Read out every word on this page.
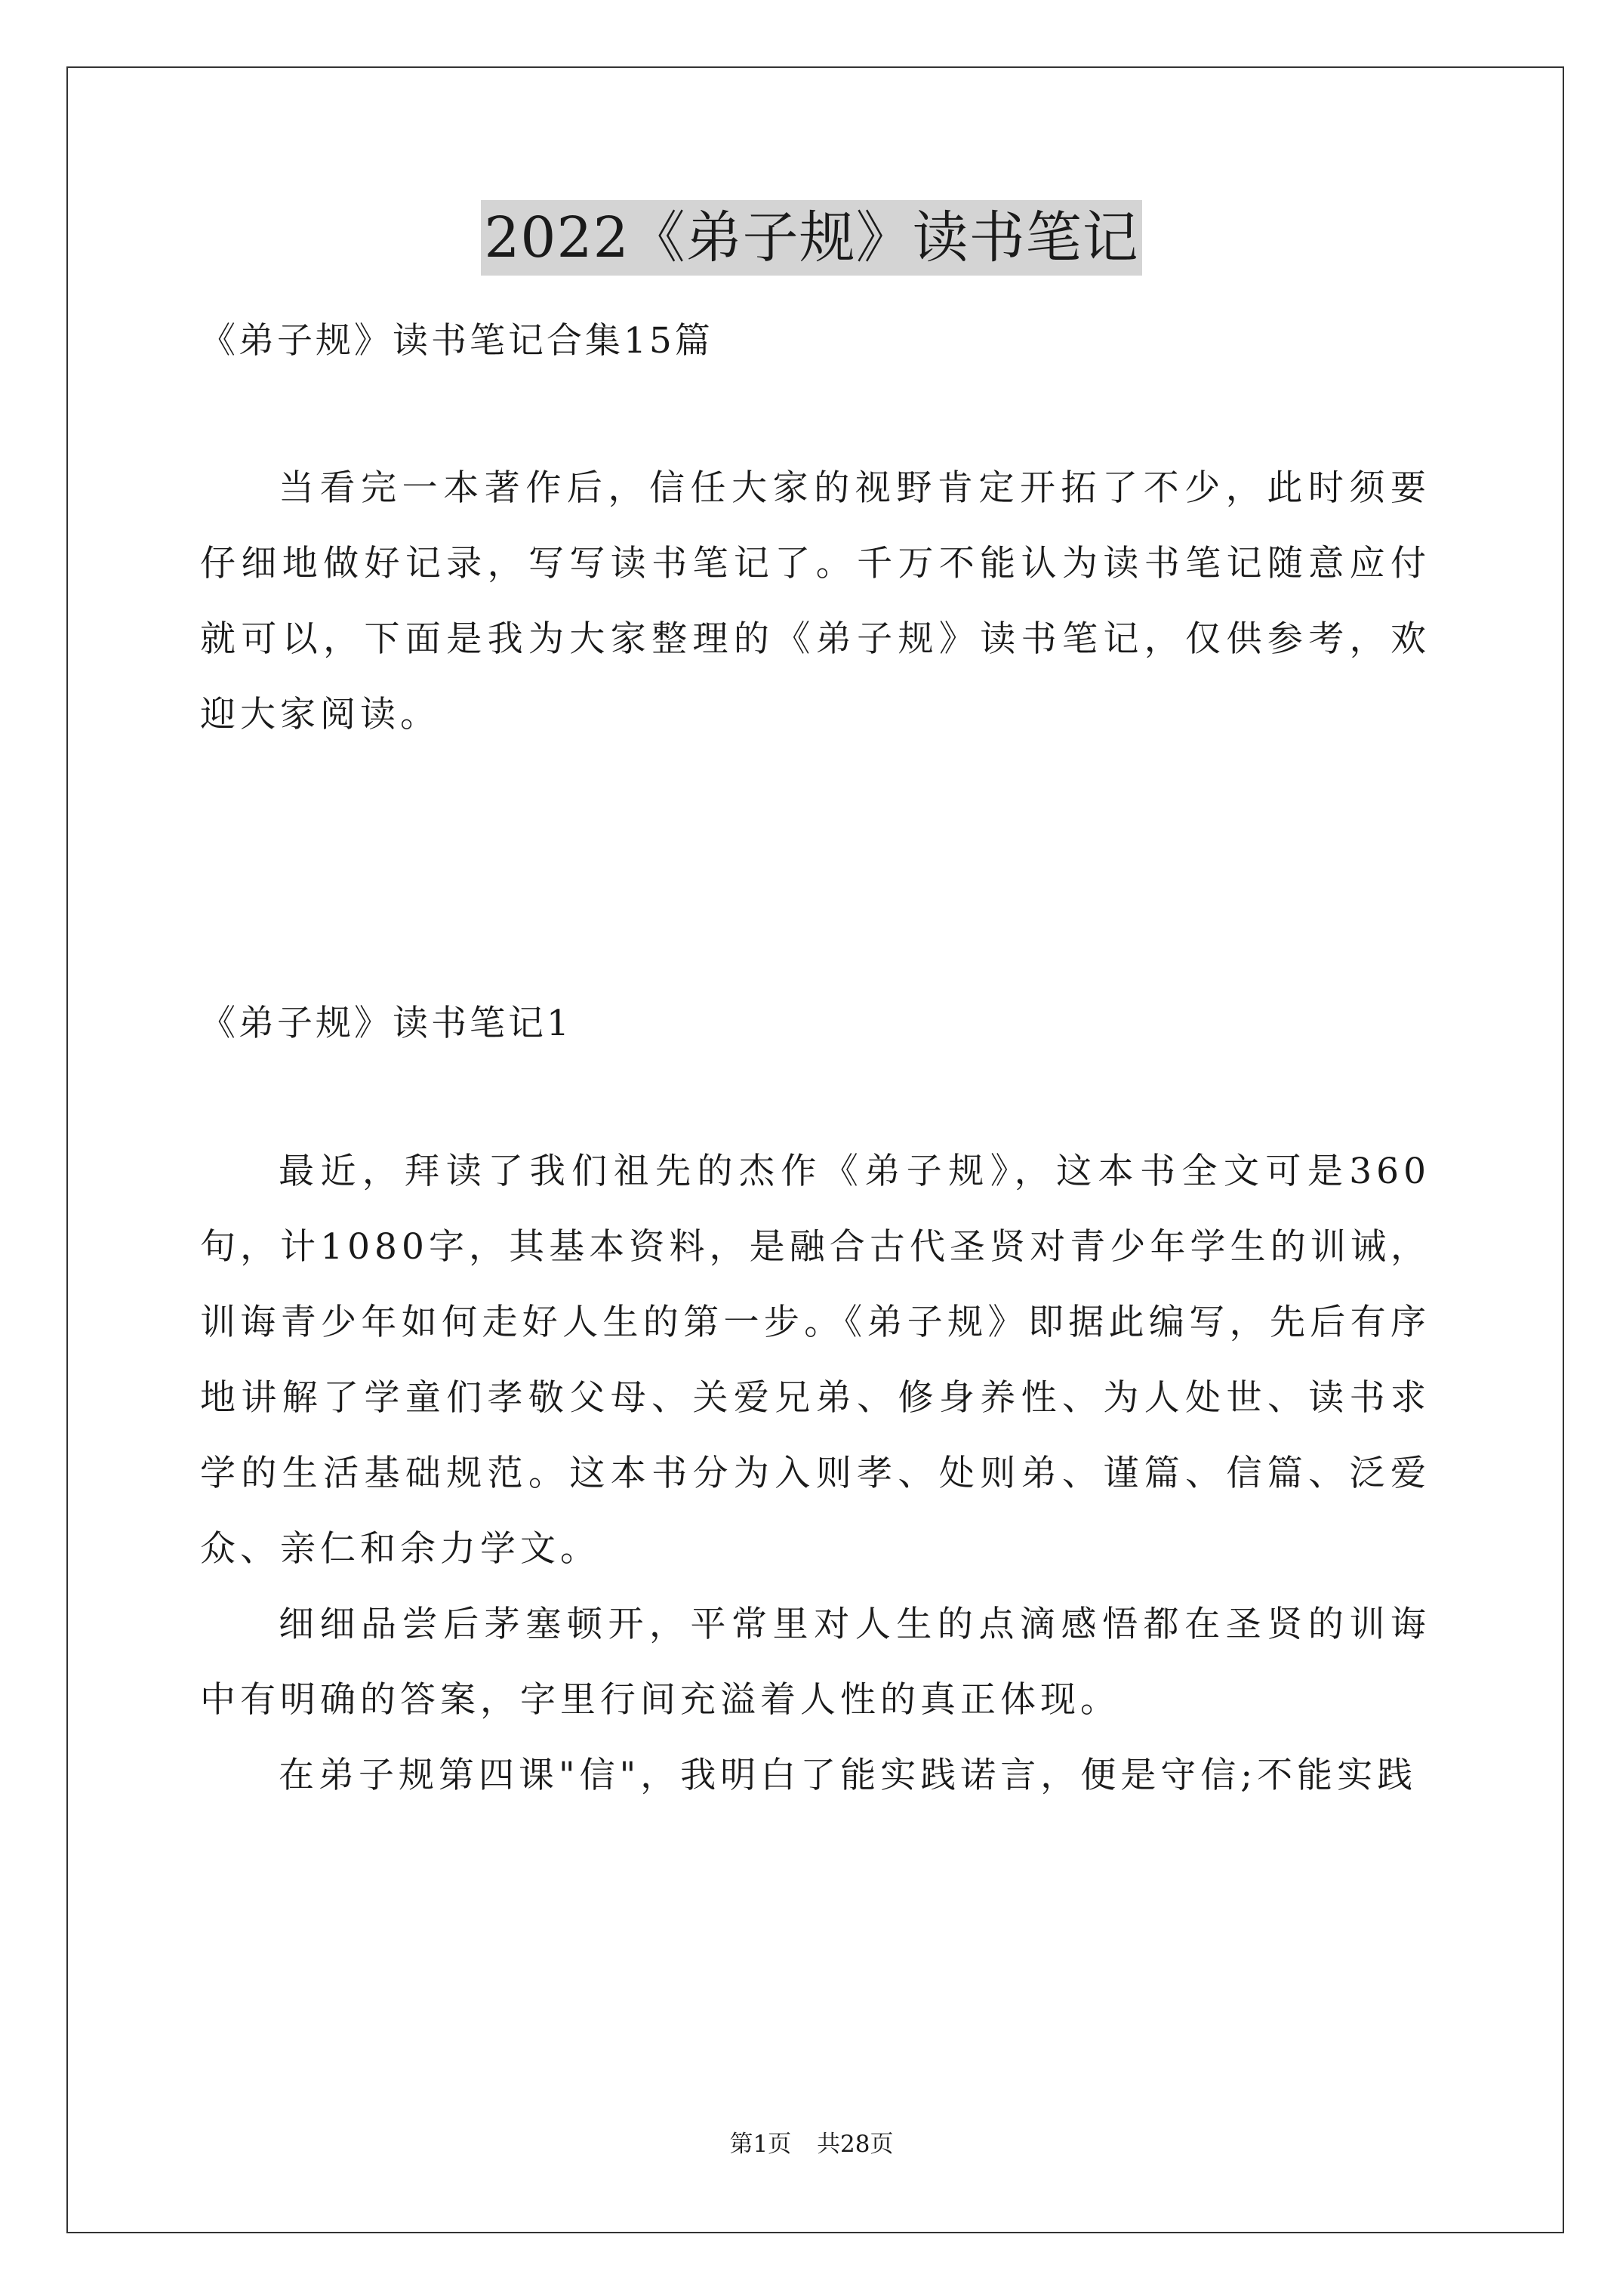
2022《弟子规》读书笔记
《弟子规》读书笔记合集15篇

当看完一本著作后，信任大家的视野肯定开拓了不少，此时须要仔细地做好记录，写写读书笔记了。千万不能认为读书笔记随意应付就可以，下面是我为大家整理的《弟子规》读书笔记，仅供参考，欢迎大家阅读。

《弟子规》读书笔记1

最近，拜读了我们祖先的杰作《弟子规》，这本书全文可是360句，计1080字，其基本资料，是融合古代圣贤对青少年学生的训诫，训诲青少年如何走好人生的第一步。《弟子规》即据此编写，先后有序地讲解了学童们孝敬父母、关爱兄弟、修身养性、为人处世、读书求学的生活基础规范。这本书分为入则孝、处则弟、谨篇、信篇、泛爱众、亲仁和余力学文。

细细品尝后茅塞顿开，平常里对人生的点滴感悟都在圣贤的训诲中有明确的答案，字里行间充溢着人性的真正体现。

在弟子规第四课"信"，我明白了能实践诺言，便是守信;不能实践

第1页 共28页
